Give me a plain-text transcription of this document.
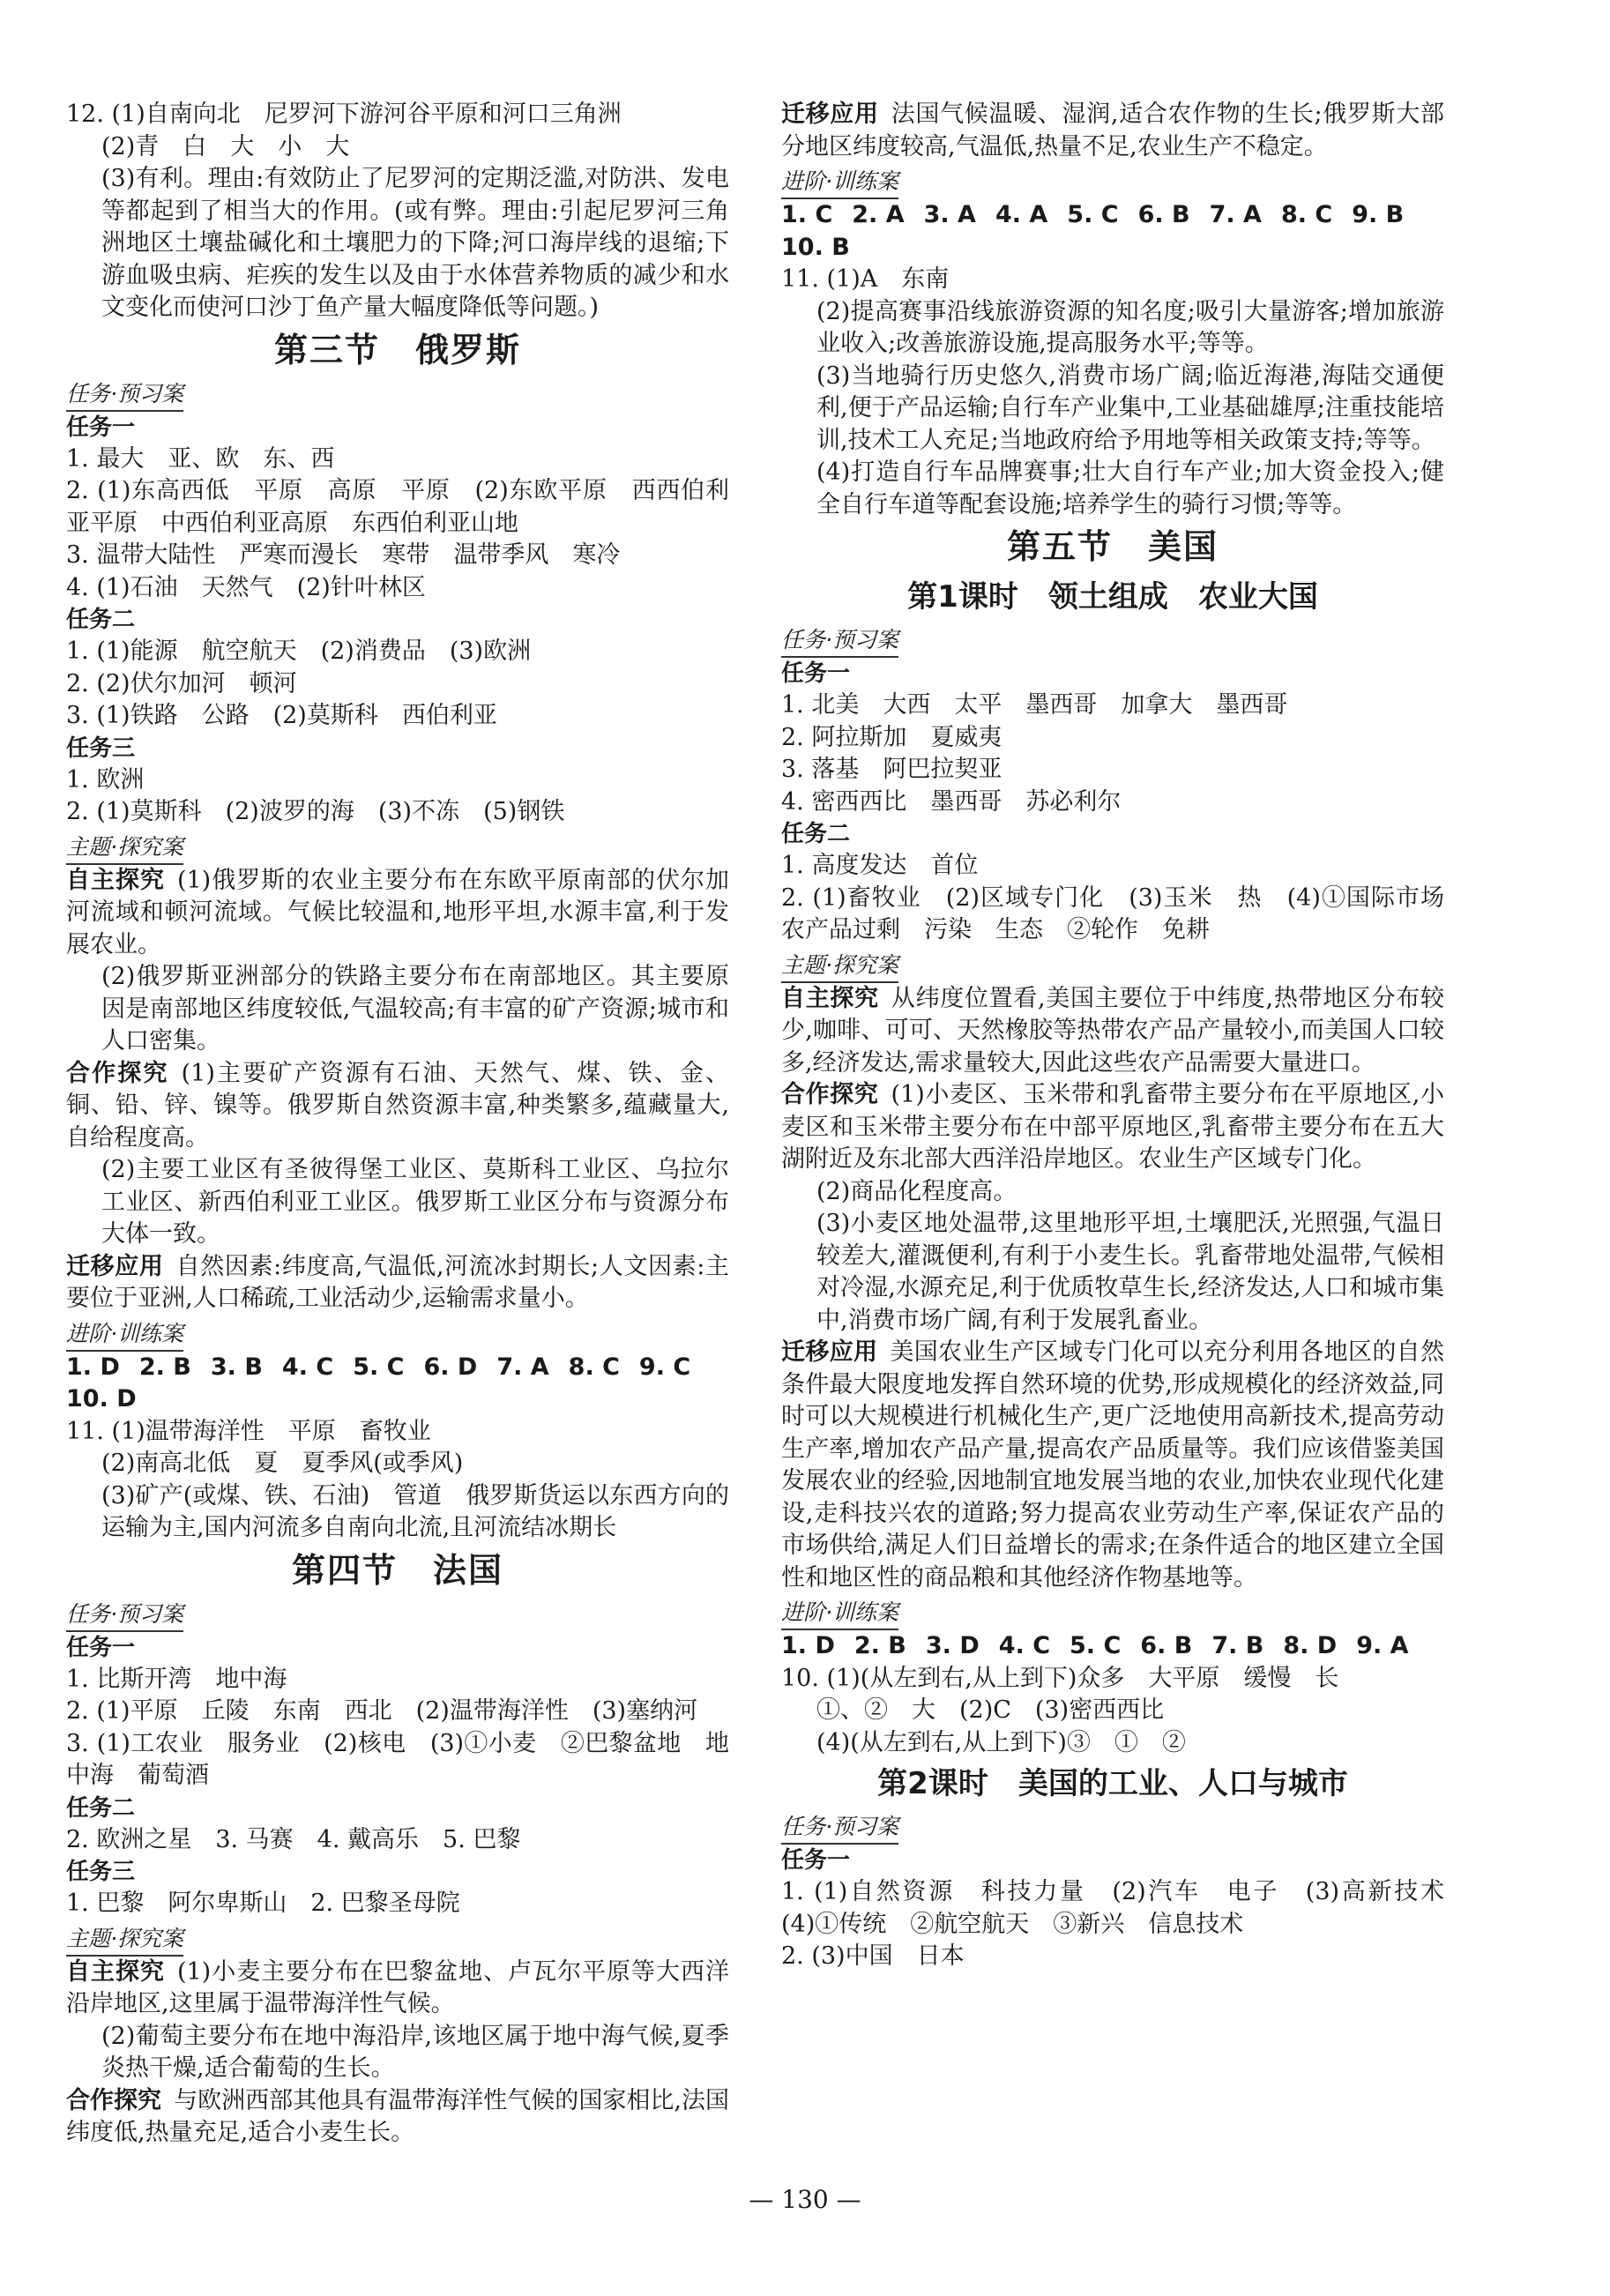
12. (1)自南向北　尼罗河下游河谷平原和河口三角洲

(2)青　白　大　小　大

(3)有利。理由:有效防止了尼罗河的定期泛滥,对防洪、发电等都起到了相当大的作用。(或有弊。理由:引起尼罗河三角洲地区土壤盐碱化和土壤肥力的下降;河口海岸线的退缩;下游血吸虫病、疟疾的发生以及由于水体营养物质的减少和水文变化而使河口沙丁鱼产量大幅度降低等问题。)

第三节　俄罗斯
任务·预习案

任务一

1. 最大　亚、欧　东、西

2. (1)东高西低　平原　高原　平原　(2)东欧平原　西西伯利亚平原　中西伯利亚高原　东西伯利亚山地

3. 温带大陆性　严寒而漫长　寒带　温带季风　寒冷

4. (1)石油　天然气　(2)针叶林区

任务二

1. (1)能源　航空航天　(2)消费品　(3)欧洲

2. (2)伏尔加河　顿河

3. (1)铁路　公路　(2)莫斯科　西伯利亚

任务三

1. 欧洲

2. (1)莫斯科　(2)波罗的海　(3)不冻　(5)钢铁

主题·探究案

自主探究 (1)俄罗斯的农业主要分布在东欧平原南部的伏尔加河流域和顿河流域。气候比较温和,地形平坦,水源丰富,利于发展农业。

(2)俄罗斯亚洲部分的铁路主要分布在南部地区。其主要原因是南部地区纬度较低,气温较高;有丰富的矿产资源;城市和人口密集。

合作探究 (1)主要矿产资源有石油、天然气、煤、铁、金、铜、铅、锌、镍等。俄罗斯自然资源丰富,种类繁多,蕴藏量大,自给程度高。

(2)主要工业区有圣彼得堡工业区、莫斯科工业区、乌拉尔工业区、新西伯利亚工业区。俄罗斯工业区分布与资源分布大体一致。

迁移应用 自然因素:纬度高,气温低,河流冰封期长;人文因素:主要位于亚洲,人口稀疏,工业活动少,运输需求量小。

进阶·训练案

1. D 2. B 3. B 4. C 5. C 6. D 7. A 8. C 9. C10. D

11. (1)温带海洋性　平原　畜牧业

(2)南高北低　夏　夏季风(或季风)

(3)矿产(或煤、铁、石油)　管道　俄罗斯货运以东西方向的运输为主,国内河流多自南向北流,且河流结冰期长

第四节　法国
任务·预习案

任务一

1. 比斯开湾　地中海

2. (1)平原　丘陵　东南　西北　(2)温带海洋性　(3)塞纳河

3. (1)工农业　服务业　(2)核电　(3)①小麦　②巴黎盆地　地中海　葡萄酒

任务二

2. 欧洲之星　3. 马赛　4. 戴高乐　5. 巴黎

任务三

1. 巴黎　阿尔卑斯山　2. 巴黎圣母院

主题·探究案

自主探究 (1)小麦主要分布在巴黎盆地、卢瓦尔平原等大西洋沿岸地区,这里属于温带海洋性气候。

(2)葡萄主要分布在地中海沿岸,该地区属于地中海气候,夏季炎热干燥,适合葡萄的生长。

合作探究 与欧洲西部其他具有温带海洋性气候的国家相比,法国纬度低,热量充足,适合小麦生长。

迁移应用 法国气候温暖、湿润,适合农作物的生长;俄罗斯大部分地区纬度较高,气温低,热量不足,农业生产不稳定。

进阶·训练案

1. C 2. A 3. A 4. A 5. C 6. B 7. A 8. C 9. B10. B

11. (1)A　东南

(2)提高赛事沿线旅游资源的知名度;吸引大量游客;增加旅游业收入;改善旅游设施,提高服务水平;等等。

(3)当地骑行历史悠久,消费市场广阔;临近海港,海陆交通便利,便于产品运输;自行车产业集中,工业基础雄厚;注重技能培训,技术工人充足;当地政府给予用地等相关政策支持;等等。

(4)打造自行车品牌赛事;壮大自行车产业;加大资金投入;健全自行车道等配套设施;培养学生的骑行习惯;等等。

第五节　美国
第1课时　领土组成　农业大国
任务·预习案

任务一

1. 北美　大西　太平　墨西哥　加拿大　墨西哥

2. 阿拉斯加　夏威夷

3. 落基　阿巴拉契亚

4. 密西西比　墨西哥　苏必利尔

任务二

1. 高度发达　首位

2. (1)畜牧业　(2)区域专门化　(3)玉米　热　(4)①国际市场　农产品过剩　污染　生态　②轮作　免耕

主题·探究案

自主探究 从纬度位置看,美国主要位于中纬度,热带地区分布较少,咖啡、可可、天然橡胶等热带农产品产量较小,而美国人口较多,经济发达,需求量较大,因此这些农产品需要大量进口。

合作探究 (1)小麦区、玉米带和乳畜带主要分布在平原地区,小麦区和玉米带主要分布在中部平原地区,乳畜带主要分布在五大湖附近及东北部大西洋沿岸地区。农业生产区域专门化。

(2)商品化程度高。

(3)小麦区地处温带,这里地形平坦,土壤肥沃,光照强,气温日较差大,灌溉便利,有利于小麦生长。乳畜带地处温带,气候相对冷湿,水源充足,利于优质牧草生长,经济发达,人口和城市集中,消费市场广阔,有利于发展乳畜业。

迁移应用 美国农业生产区域专门化可以充分利用各地区的自然条件最大限度地发挥自然环境的优势,形成规模化的经济效益,同时可以大规模进行机械化生产,更广泛地使用高新技术,提高劳动生产率,增加农产品产量,提高农产品质量等。我们应该借鉴美国发展农业的经验,因地制宜地发展当地的农业,加快农业现代化建设,走科技兴农的道路;努力提高农业劳动生产率,保证农产品的市场供给,满足人们日益增长的需求;在条件适合的地区建立全国性和地区性的商品粮和其他经济作物基地等。

进阶·训练案

1. D 2. B 3. D 4. C 5. C 6. B 7. B 8. D 9. A

10. (1)(从左到右,从上到下)众多　大平原　缓慢　长

①、②　大　(2)C　(3)密西西比

(4)(从左到右,从上到下)③　①　②

第2课时　美国的工业、人口与城市
任务·预习案

任务一

1. (1)自然资源　科技力量　(2)汽车　电子　(3)高新技术　(4)①传统　②航空航天　③新兴　信息技术

2. (3)中国　日本

— 130 —
